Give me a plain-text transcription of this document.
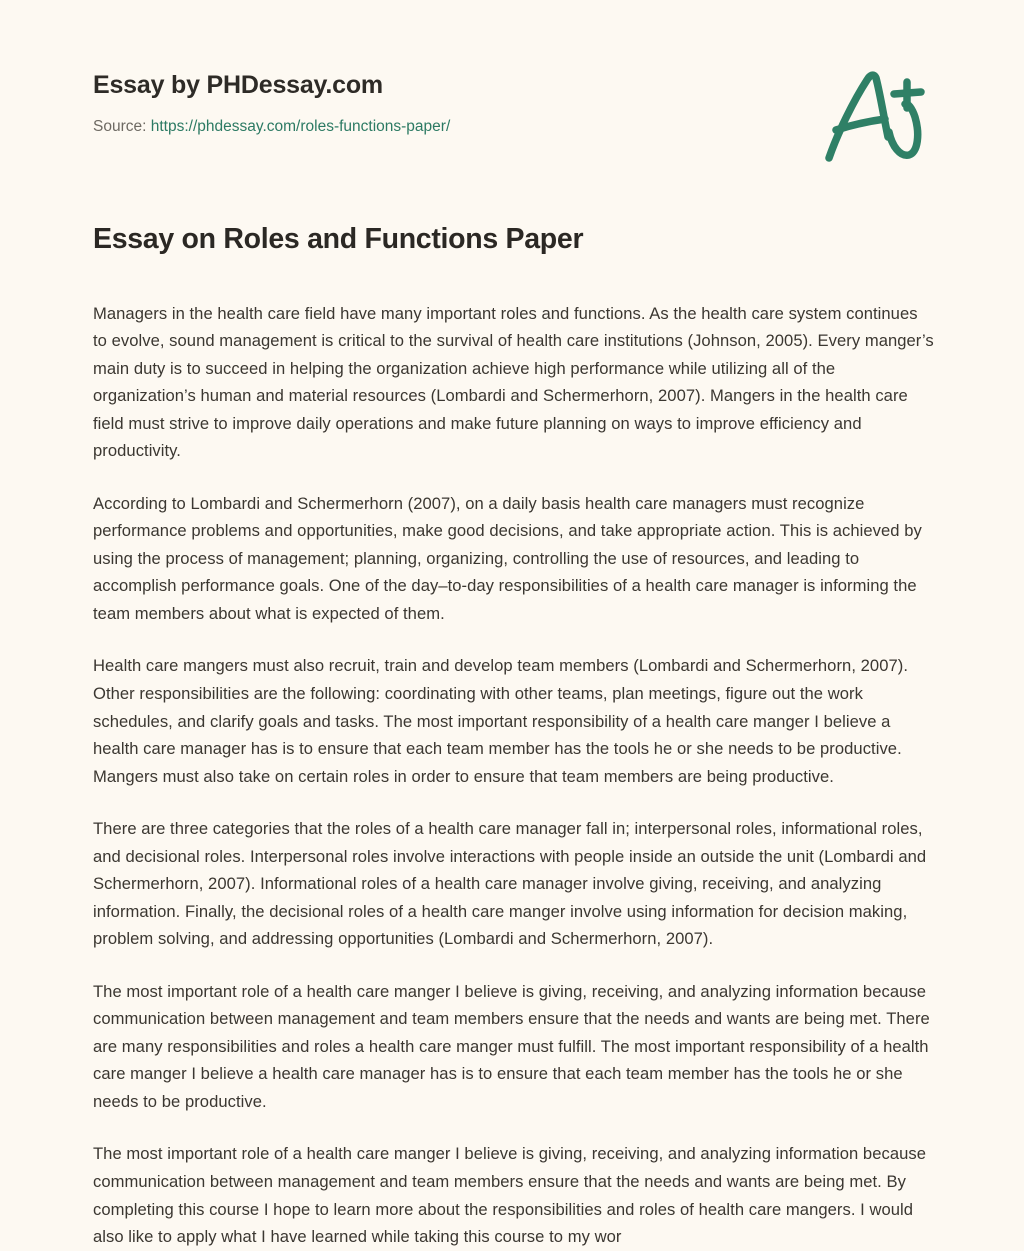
Essay by PHDessay.com
Source: https://phdessay.com/roles-functions-paper/
Essay on Roles and Functions Paper

Managers in the health care field have many important roles and functions. As the health care system continues to evolve, sound management is critical to the survival of health care institutions (Johnson, 2005). Every manger’s main duty is to succeed in helping the organization achieve high performance while utilizing all of the organization’s human and material resources (Lombardi and Schermerhorn, 2007). Mangers in the health care field must strive to improve daily operations and make future planning on ways to improve efficiency and productivity.

According to Lombardi and Schermerhorn (2007), on a daily basis health care managers must recognize performance problems and opportunities, make good decisions, and take appropriate action. This is achieved by using the process of management; planning, organizing, controlling the use of resources, and leading to accomplish performance goals. One of the day–to-day responsibilities of a health care manager is informing the team members about what is expected of them.

Health care mangers must also recruit, train and develop team members (Lombardi and Schermerhorn, 2007). Other responsibilities are the following: coordinating with other teams, plan meetings, figure out the work schedules, and clarify goals and tasks. The most important responsibility of a health care manger I believe a health care manager has is to ensure that each team member has the tools he or she needs to be productive. Mangers must also take on certain roles in order to ensure that team members are being productive.

There are three categories that the roles of a health care manager fall in; interpersonal roles, informational roles, and decisional roles. Interpersonal roles involve interactions with people inside an outside the unit (Lombardi and Schermerhorn, 2007). Informational roles of a health care manager involve giving, receiving, and analyzing information. Finally, the decisional roles of a health care manger involve using information for decision making, problem solving, and addressing opportunities (Lombardi and Schermerhorn, 2007).

The most important role of a health care manger I believe is giving, receiving, and analyzing information because communication between management and team members ensure that the needs and wants are being met. There are many responsibilities and roles a health care manger must fulfill. The most important responsibility of a health care manger I believe a health care manager has is to ensure that each team member has the tools he or she needs to be productive.

The most important role of a health care manger I believe is giving, receiving, and analyzing information because communication between management and team members ensure that the needs and wants are being met. By completing this course I hope to learn more about the responsibilities and roles of health care mangers. I would also like to apply what I have learned while taking this course to my wor
